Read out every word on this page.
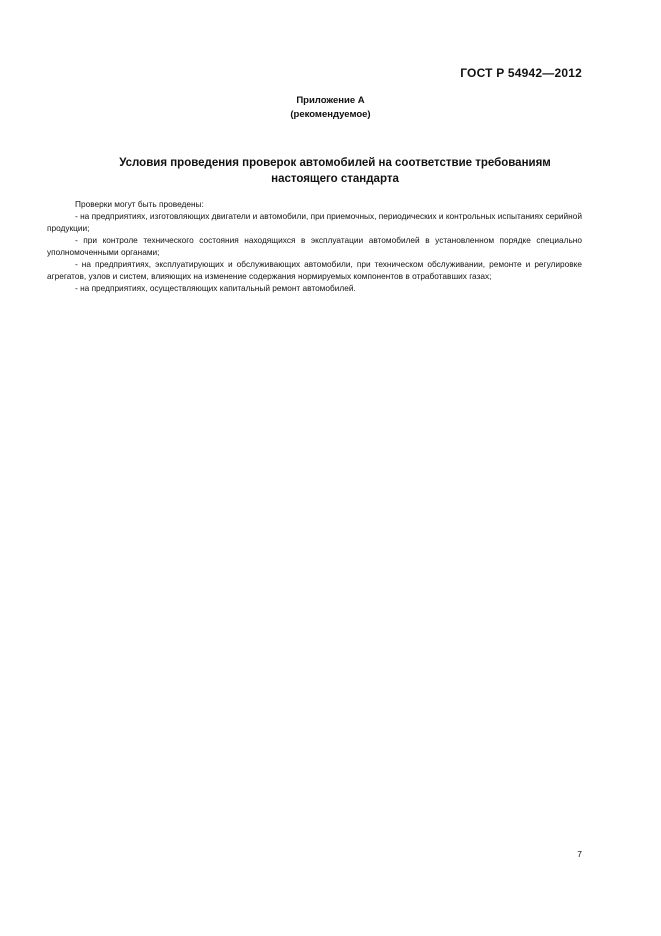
ГОСТ Р 54942—2012
Приложение А
(рекомендуемое)
Условия проведения проверок автомобилей на соответствие требованиям
настоящего стандарта

Проверки могут быть проведены:

- на предприятиях, изготовляющих двигатели и автомобили, при приемочных, периодических и контрольных испытаниях серийной продукции;

- при контроле технического состояния находящихся в эксплуатации автомобилей в установленном порядке специально уполномоченными органами;

- на предприятиях, эксплуатирующих и обслуживающих автомобили, при техническом обслуживании, ремонте и регулировке агрегатов, узлов и систем, влияющих на изменение содержания нормируемых компонентов в отработавших газах;

- на предприятиях, осуществляющих капитальный ремонт автомобилей.

7
